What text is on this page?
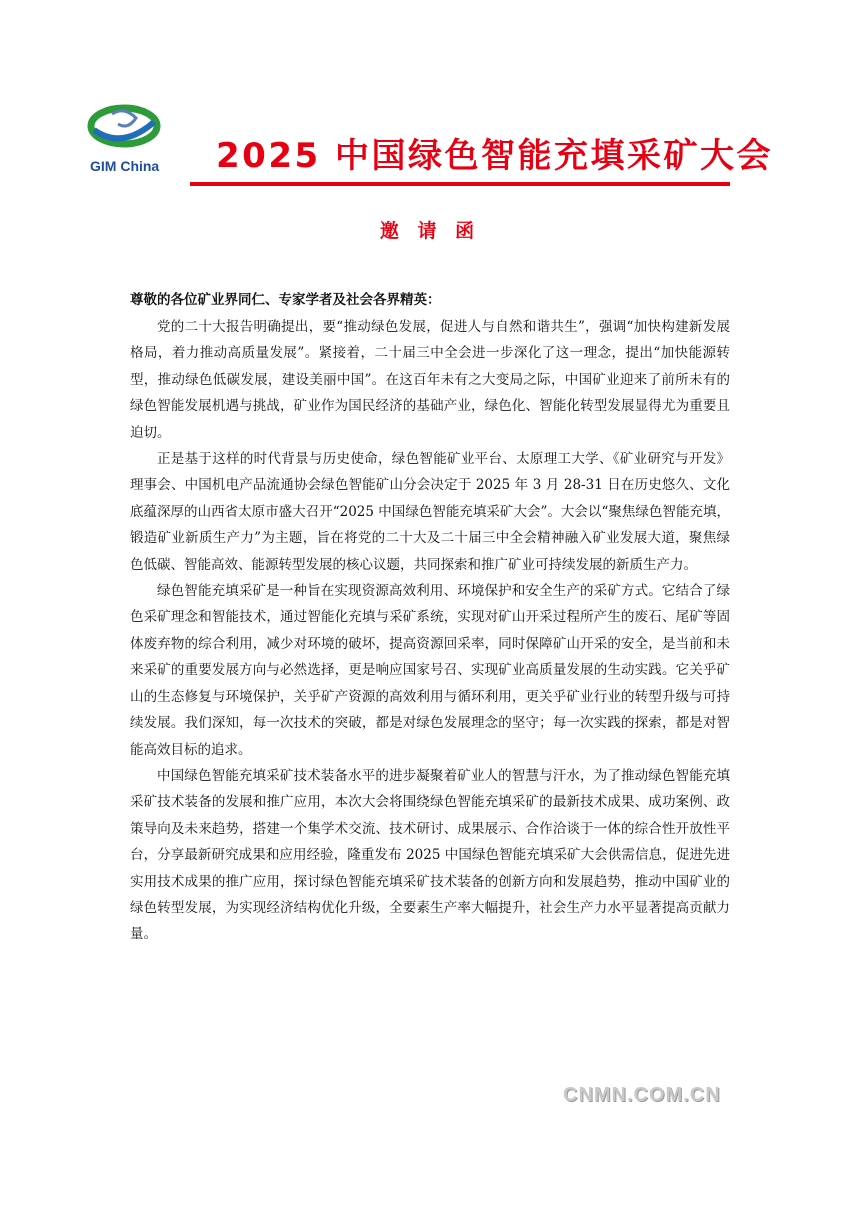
GIM China 2025 中国绿色智能充填采矿大会
邀 请 函
尊敬的各位矿业界同仁、专家学者及社会各界精英：

党的二十大报告明确提出，要“推动绿色发展，促进人与自然和谐共生”，强调“加快构建新发展格局，着力推动高质量发展”。紧接着，二十届三中全会进一步深化了这一理念，提出“加快能源转型，推动绿色低碳发展，建设美丽中国”。在这百年未有之大变局之际，中国矿业迎来了前所未有的绿色智能发展机遇与挑战，矿业作为国民经济的基础产业，绿色化、智能化转型发展显得尤为重要且迫切。

正是基于这样的时代背景与历史使命，绿色智能矿业平台、太原理工大学、《矿业研究与开发》理事会、中国机电产品流通协会绿色智能矿山分会决定于 2025 年 3 月 28-31 日在历史悠久、文化底蕴深厚的山西省太原市盛大召开“2025 中国绿色智能充填采矿大会”。大会以“聚焦绿色智能充填，锻造矿业新质生产力”为主题，旨在将党的二十大及二十届三中全会精神融入矿业发展大道，聚焦绿色低碳、智能高效、能源转型发展的核心议题，共同探索和推广矿业可持续发展的新质生产力。

绿色智能充填采矿是一种旨在实现资源高效利用、环境保护和安全生产的采矿方式。它结合了绿色采矿理念和智能技术，通过智能化充填与采矿系统，实现对矿山开采过程所产生的废石、尾矿等固体废弃物的综合利用，减少对环境的破坏，提高资源回采率，同时保障矿山开采的安全，是当前和未来采矿的重要发展方向与必然选择，更是响应国家号召、实现矿业高质量发展的生动实践。它关乎矿山的生态修复与环境保护，关乎矿产资源的高效利用与循环利用，更关乎矿业行业的转型升级与可持续发展。我们深知，每一次技术的突破，都是对绿色发展理念的坚守；每一次实践的探索，都是对智能高效目标的追求。

中国绿色智能充填采矿技术装备水平的进步凝聚着矿业人的智慧与汗水，为了推动绿色智能充填采矿技术装备的发展和推广应用，本次大会将围绕绿色智能充填采矿的最新技术成果、成功案例、政策导向及未来趋势，搭建一个集学术交流、技术研讨、成果展示、合作洽谈于一体的综合性开放性平台，分享最新研究成果和应用经验，隆重发布 2025 中国绿色智能充填采矿大会供需信息，促进先进实用技术成果的推广应用，探讨绿色智能充填采矿技术装备的创新方向和发展趋势，推动中国矿业的绿色转型发展，为实现经济结构优化升级，全要素生产率大幅提升，社会生产力水平显著提高贡献力量。

CNMN.COM.CN
